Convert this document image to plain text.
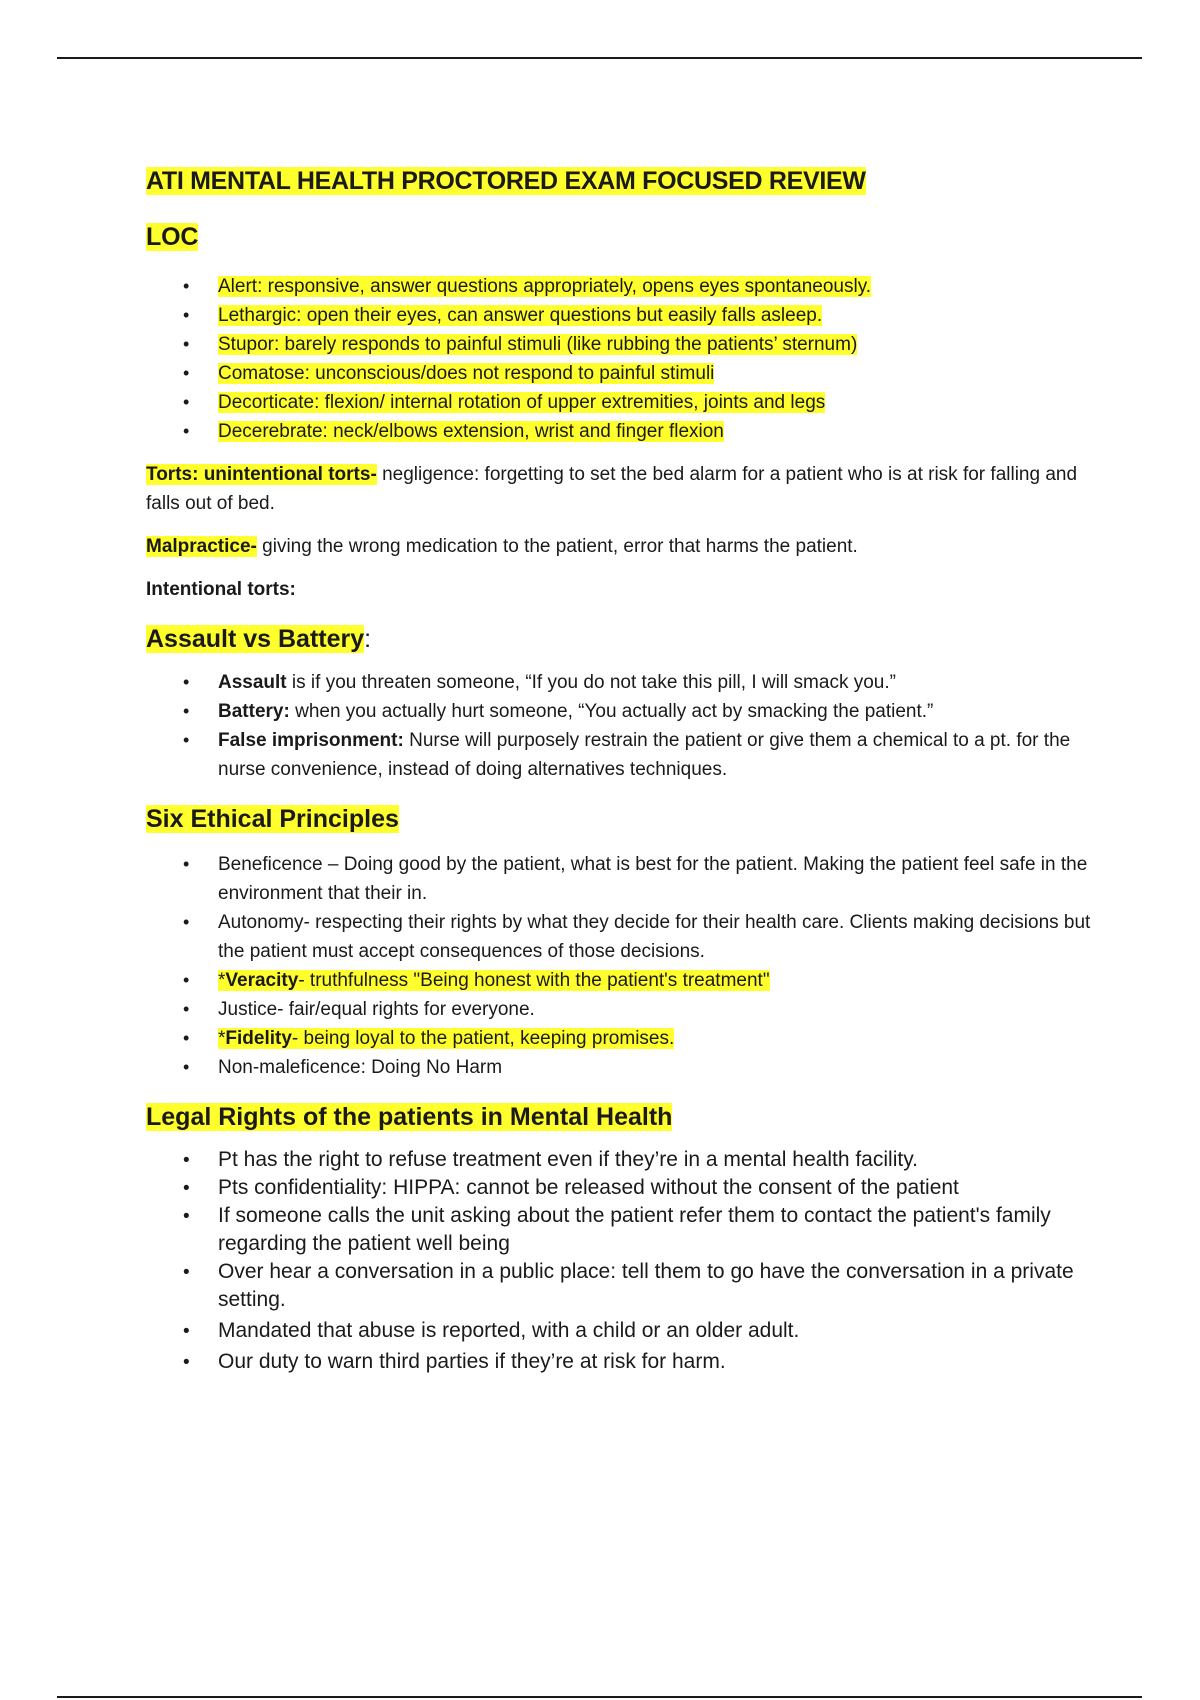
ATI MENTAL HEALTH PROCTORED EXAM FOCUSED REVIEW
LOC
• Alert: responsive, answer questions appropriately, opens eyes spontaneously.
• Lethargic: open their eyes, can answer questions but easily falls asleep.
• Stupor: barely responds to painful stimuli (like rubbing the patients’ sternum)
• Comatose: unconscious/does not respond to painful stimuli
• Decorticate: flexion/ internal rotation of upper extremities, joints and legs
• Decerebrate: neck/elbows extension, wrist and finger flexion

Torts: unintentional torts- negligence: forgetting to set the bed alarm for a patient who is at risk for falling and falls out of bed.

Malpractice- giving the wrong medication to the patient, error that harms the patient.

Intentional torts:

Assault vs Battery:
• Assault is if you threaten someone, “If you do not take this pill, I will smack you.”
• Battery: when you actually hurt someone, “You actually act by smacking the patient.”
• False imprisonment: Nurse will purposely restrain the patient or give them a chemical to a pt. for the nurse convenience, instead of doing alternatives techniques.
Six Ethical Principles
• Beneficence – Doing good by the patient, what is best for the patient. Making the patient feel safe in the environment that their in.
• Autonomy- respecting their rights by what they decide for their health care. Clients making decisions but the patient must accept consequences of those decisions.
• *Veracity- truthfulness "Being honest with the patient's treatment"
• Justice- fair/equal rights for everyone.
• *Fidelity- being loyal to the patient, keeping promises.
• Non-maleficence: Doing No Harm
Legal Rights of the patients in Mental Health
• Pt has the right to refuse treatment even if they’re in a mental health facility.
• Pts confidentiality: HIPPA: cannot be released without the consent of the patient
• If someone calls the unit asking about the patient refer them to contact the patient's family regarding the patient well being
• Over hear a conversation in a public place: tell them to go have the conversation in a private setting.
• Mandated that abuse is reported, with a child or an older adult.
• Our duty to warn third parties if they’re at risk for harm.
